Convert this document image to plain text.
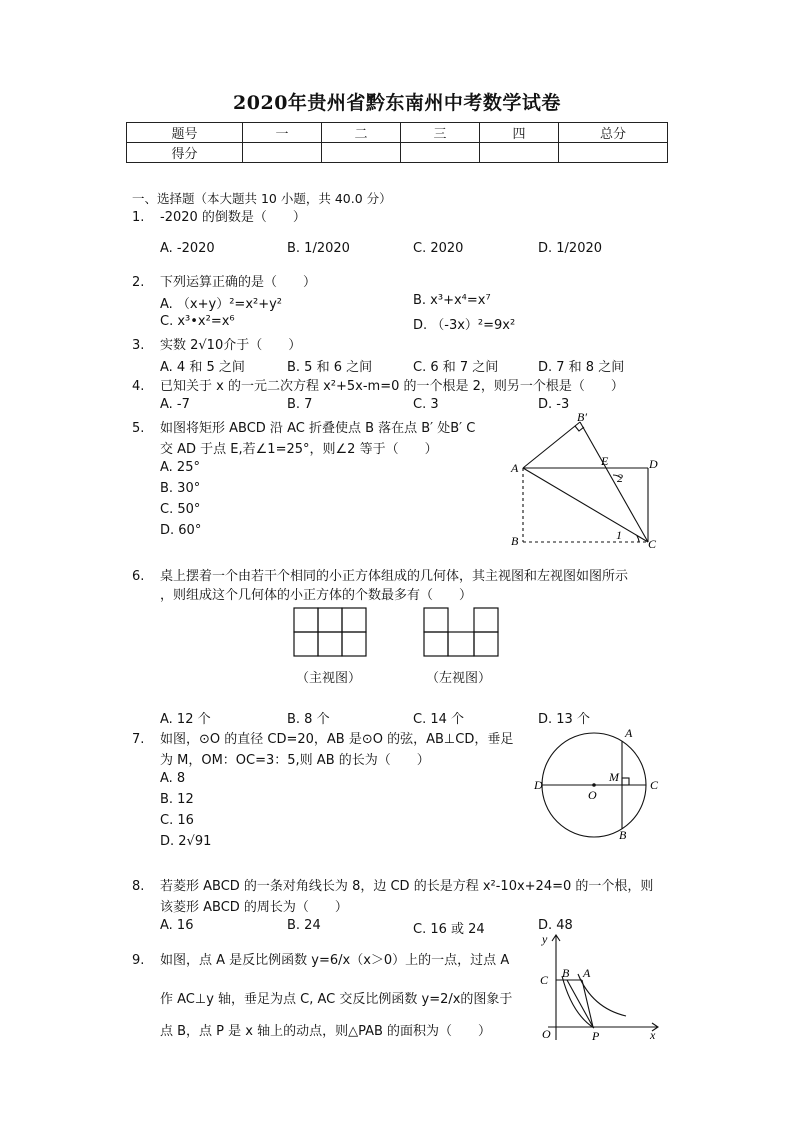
2020年贵州省黔东南州中考数学试卷
题号	一	二	三	四	总分
得分					
一、选择题（本大题共 10 小题，共 40.0 分）
1. -2020 的倒数是（　　）
A. -2020	B. 1/2020	C. 2020	D. 1/2020
2. 下列运算正确的是（　　）
A. （x+y）²=x²+y²	B. x³+x⁴=x⁷
C. x³•x²=x⁶	D. （-3x）²=9x²
3. 实数 2√10介于（　　）
A. 4 和 5 之间	B. 5 和 6 之间	C. 6 和 7 之间	D. 7 和 8 之间
4. 已知关于 x 的一元二次方程 x²+5x-m=0 的一个根是 2，则另一个根是（　　）
A. -7	B. 7	C. 3	D. -3
5. 如图将矩形 ABCD 沿 AC 折叠使点 B 落在点 B′ 处B′ C
交 AD 于点 E,若∠1=25°，则∠2 等于（　　）
A. 25°
B. 30°
C. 50°
D. 60°
B′
A	E	D
2
B	1
C
6. 桌上摆着一个由若干个相同的小正方体组成的几何体，其主视图和左视图如图所示
，则组成这个几何体的小正方体的个数最多有（　　）
（主视图）	（左视图）
A. 12 个	B. 8 个	C. 14 个	D. 13 个
7. 如图，⊙O 的直径 CD=20，AB 是⊙O 的弦，AB⊥CD，垂足
为 M，OM：OC=3：5,则 AB 的长为（　　）
A. 8
B. 12
C. 16
D. 2√91
A
D
M
O
C
B
8. 若菱形 ABCD 的一条对角线长为 8，边 CD 的长是方程 x²-10x+24=0 的一个根，则
该菱形 ABCD 的周长为（　　）
A. 16	B. 24	C. 16 或 24	D. 48
9. 如图，点 A 是反比例函数 y=6/x（x＞0）上的一点，过点 A
作 AC⊥y 轴，垂足为点 C, AC 交反比例函数 y=2/x的图象于
点 B，点 P 是 x 轴上的动点，则△PAB 的面积为（　　）
y
C B A
O	P	x
